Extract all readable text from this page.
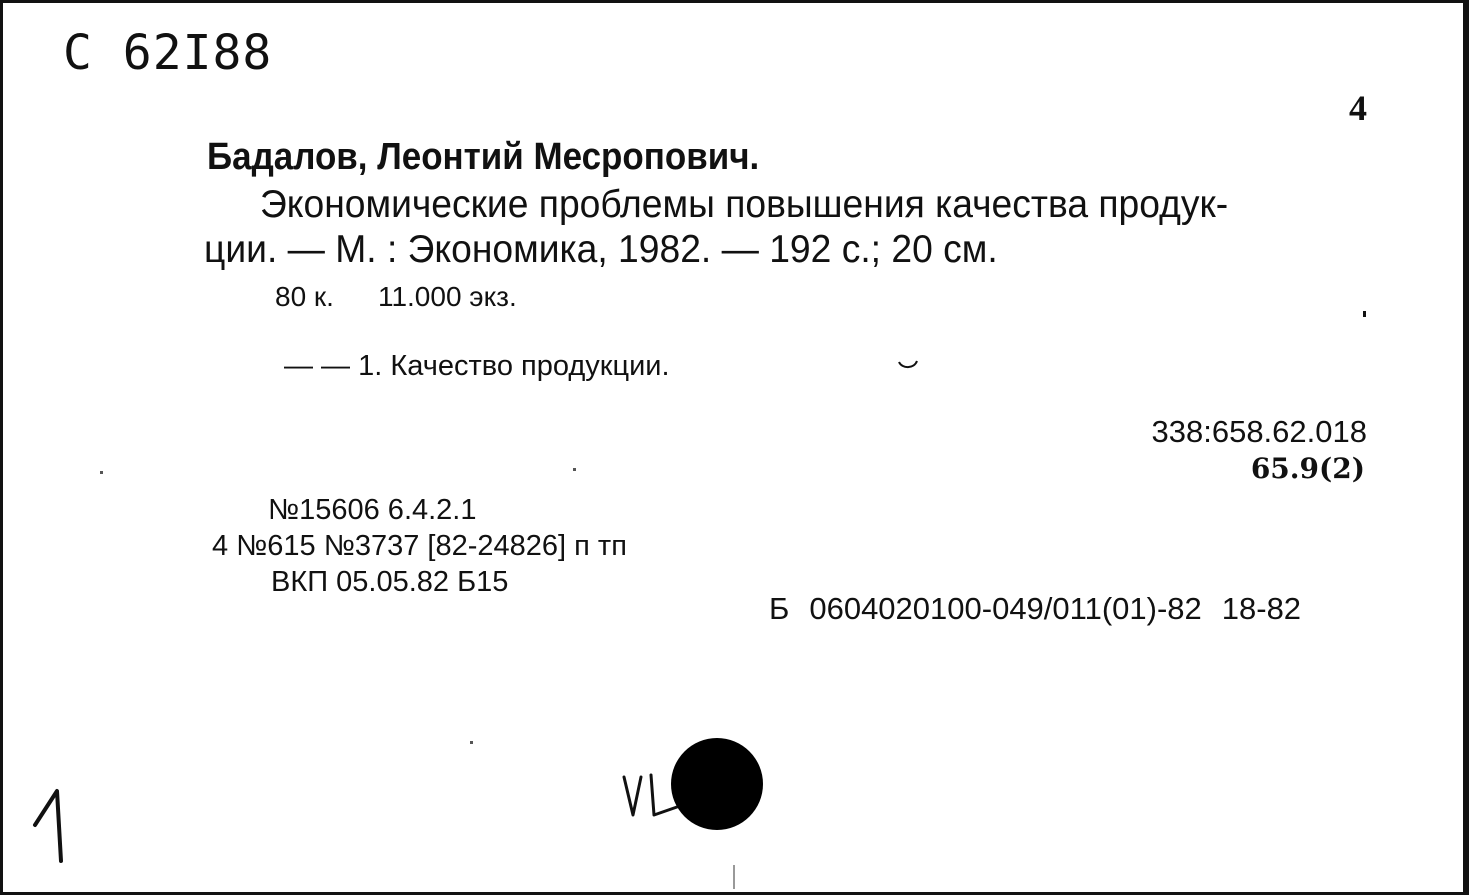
С 62I88
4
Бадалов, Леонтий Месропович.
Экономические проблемы повышения качества продук-
ции. — М. : Экономика, 1982. — 192 с.; 20 см.
80 к. 11.000 экз.
— — 1. Качество продукции.
338:658.62.018
65.9(2)
№15606 6.4.2.1
4 №615 №3737 [82-24826] п тп
ВКП 05.05.82 Б15
Б 0604020100-049/011(01)-82 18-82
